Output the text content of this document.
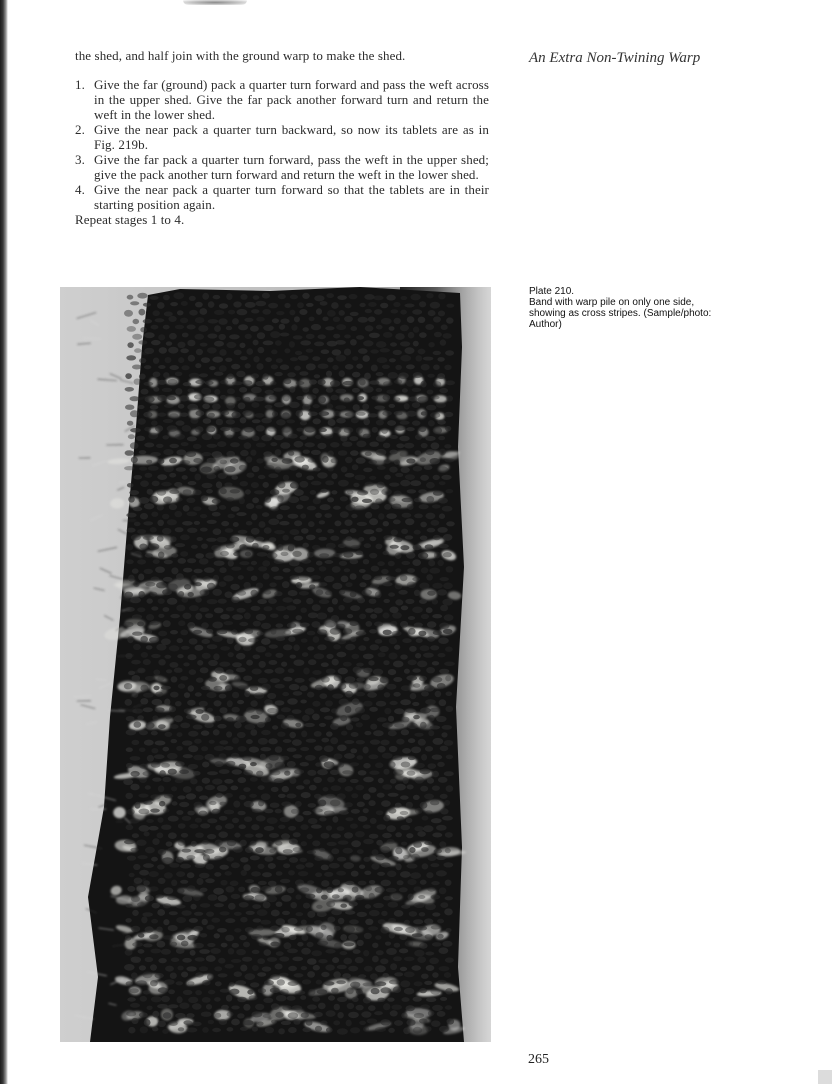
the shed, and half join with the ground warp to make the shed.

1. Give the far (ground) pack a quarter turn forward and pass the weft across in the upper shed. Give the far pack another forward turn and return the weft in the lower shed.
2. Give the near pack a quarter turn backward, so now its tablets are as in Fig. 219b.
3. Give the far pack a quarter turn forward, pass the weft in the upper shed; give the pack another turn forward and return the weft in the lower shed.
4. Give the near pack a quarter turn forward so that the tablets are in their starting position again.

Repeat stages 1 to 4.

An Extra Non-Twining Warp
Plate 210.
Band with warp pile on only one side,
showing as cross stripes. (Sample/photo:
Author)
265
